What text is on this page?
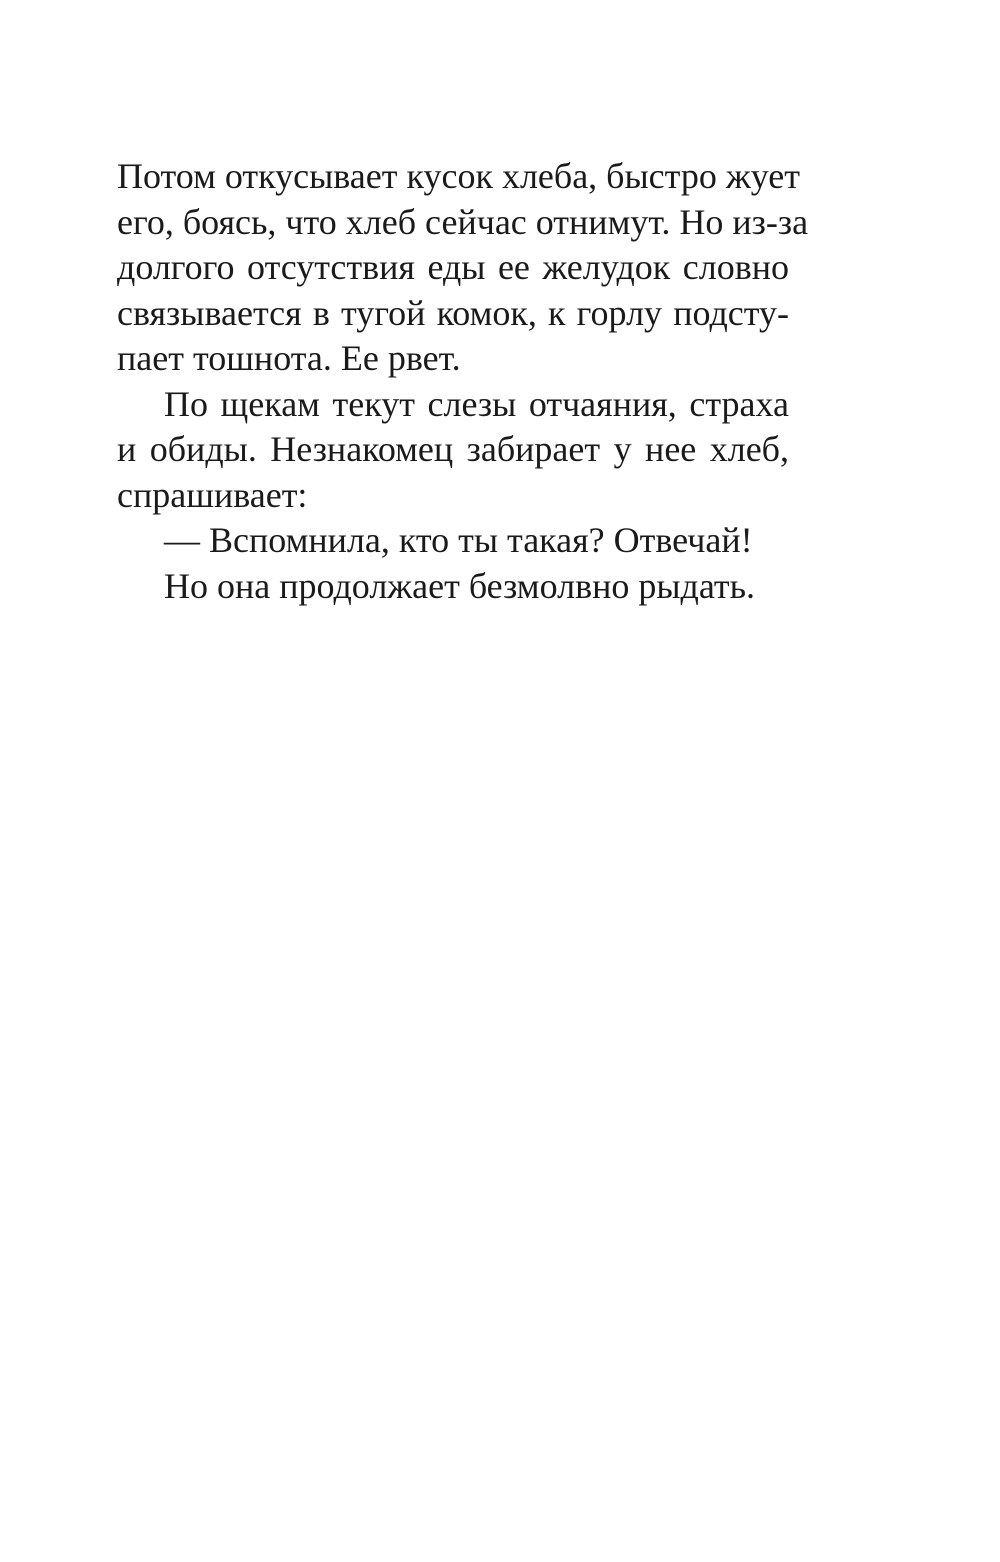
Потом откусывает кусок хлеба, быстро жует
его, боясь, что хлеб сейчас отнимут. Но из-за
долгого отсутствия еды ее желудок словно
связывается в тугой комок, к горлу подсту-
пает тошнота. Ее рвет.
По щекам текут слезы отчаяния, страха
и обиды. Незнакомец забирает у нее хлеб,
спрашивает:
— Вспомнила, кто ты такая? Отвечай!
Но она продолжает безмолвно рыдать.
